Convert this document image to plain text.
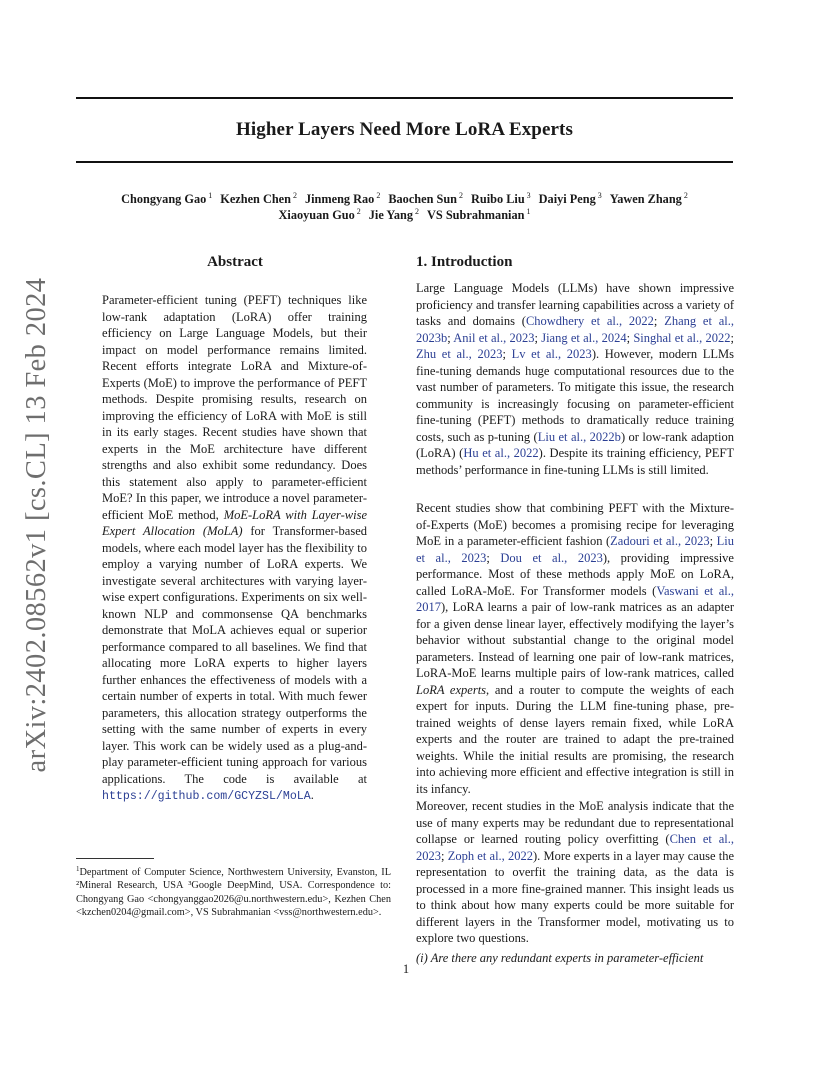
Higher Layers Need More LoRA Experts
Chongyang Gao $^1$ Kezhen Chen $^2$ Jinmeng Rao $^2$ Baochen Sun $^2$ Ruibo Liu $^3$ Daiyi Peng $^3$ Yawen Zhang $^2$
Xiaoyuan Guo $^2$ Jie Yang $^2$ VS Subrahmanian $^1$
arXiv:2402.08562v1 [cs.CL] 13 Feb 2024
Abstract
Parameter-efficient tuning (PEFT) techniques like low-rank adaptation (LoRA) offer training efficiency on Large Language Models, but their impact on model performance remains limited. Recent efforts integrate LoRA and Mixture-of-Experts (MoE) to improve the performance of PEFT methods. Despite promising results, research on improving the efficiency of LoRA with MoE is still in its early stages. Recent studies have shown that experts in the MoE architecture have different strengths and also exhibit some redundancy. Does this statement also apply to parameter-efficient MoE? In this paper, we introduce a novel parameter-efficient MoE method, MoE-LoRA with Layer-wise Expert Allocation (MoLA) for Transformer-based models, where each model layer has the flexibility to employ a varying number of LoRA experts. We investigate several architectures with varying layer-wise expert configurations. Experiments on six well-known NLP and commonsense QA benchmarks demonstrate that MoLA achieves equal or superior performance compared to all baselines. We find that allocating more LoRA experts to higher layers further enhances the effectiveness of models with a certain number of experts in total. With much fewer parameters, this allocation strategy outperforms the setting with the same number of experts in every layer. This work can be widely used as a plug-and-play parameter-efficient tuning approach for various applications. The code is available at https://github.com/GCYZSL/MoLA.
$^1$Department of Computer Science, Northwestern University, Evanston, IL ²Mineral Research, USA ³Google DeepMind, USA. Correspondence to: Chongyang Gao <chongyanggao2026@u.northwestern.edu>, Kezhen Chen <kzchen0204@gmail.com>, VS Subrahmanian <vss@northwestern.edu>.
1. Introduction

Large Language Models (LLMs) have shown impressive proficiency and transfer learning capabilities across a variety of tasks and domains (Chowdhery et al., 2022; Zhang et al., 2023b; Anil et al., 2023; Jiang et al., 2024; Singhal et al., 2022; Zhu et al., 2023; Lv et al., 2023). However, modern LLMs fine-tuning demands huge computational resources due to the vast number of parameters. To mitigate this issue, the research community is increasingly focusing on parameter-efficient fine-tuning (PEFT) methods to dramatically reduce training costs, such as p-tuning (Liu et al., 2022b) or low-rank adaption (LoRA) (Hu et al., 2022). Despite its training efficiency, PEFT methods’ performance in fine-tuning LLMs is still limited.

Recent studies show that combining PEFT with the Mixture-of-Experts (MoE) becomes a promising recipe for leveraging MoE in a parameter-efficient fashion (Zadouri et al., 2023; Liu et al., 2023; Dou et al., 2023), providing impressive performance. Most of these methods apply MoE on LoRA, called LoRA-MoE. For Transformer models (Vaswani et al., 2017), LoRA learns a pair of low-rank matrices as an adapter for a given dense linear layer, effectively modifying the layer’s behavior without substantial change to the original model parameters. Instead of learning one pair of low-rank matrices, LoRA-MoE learns multiple pairs of low-rank matrices, called LoRA experts, and a router to compute the weights of each expert for inputs. During the LLM fine-tuning phase, pre-trained weights of dense layers remain fixed, while LoRA experts and the router are trained to adapt the pre-trained weights. While the initial results are promising, the research into achieving more efficient and effective integration is still in its infancy.

Moreover, recent studies in the MoE analysis indicate that the use of many experts may be redundant due to representational collapse or learned routing policy overfitting (Chen et al., 2023; Zoph et al., 2022). More experts in a layer may cause the representation to overfit the training data, as the data is processed in a more fine-grained manner. This insight leads us to think about how many experts could be more suitable for different layers in the Transformer model, motivating us to explore two questions.

(i) Are there any redundant experts in parameter-efficient

1
